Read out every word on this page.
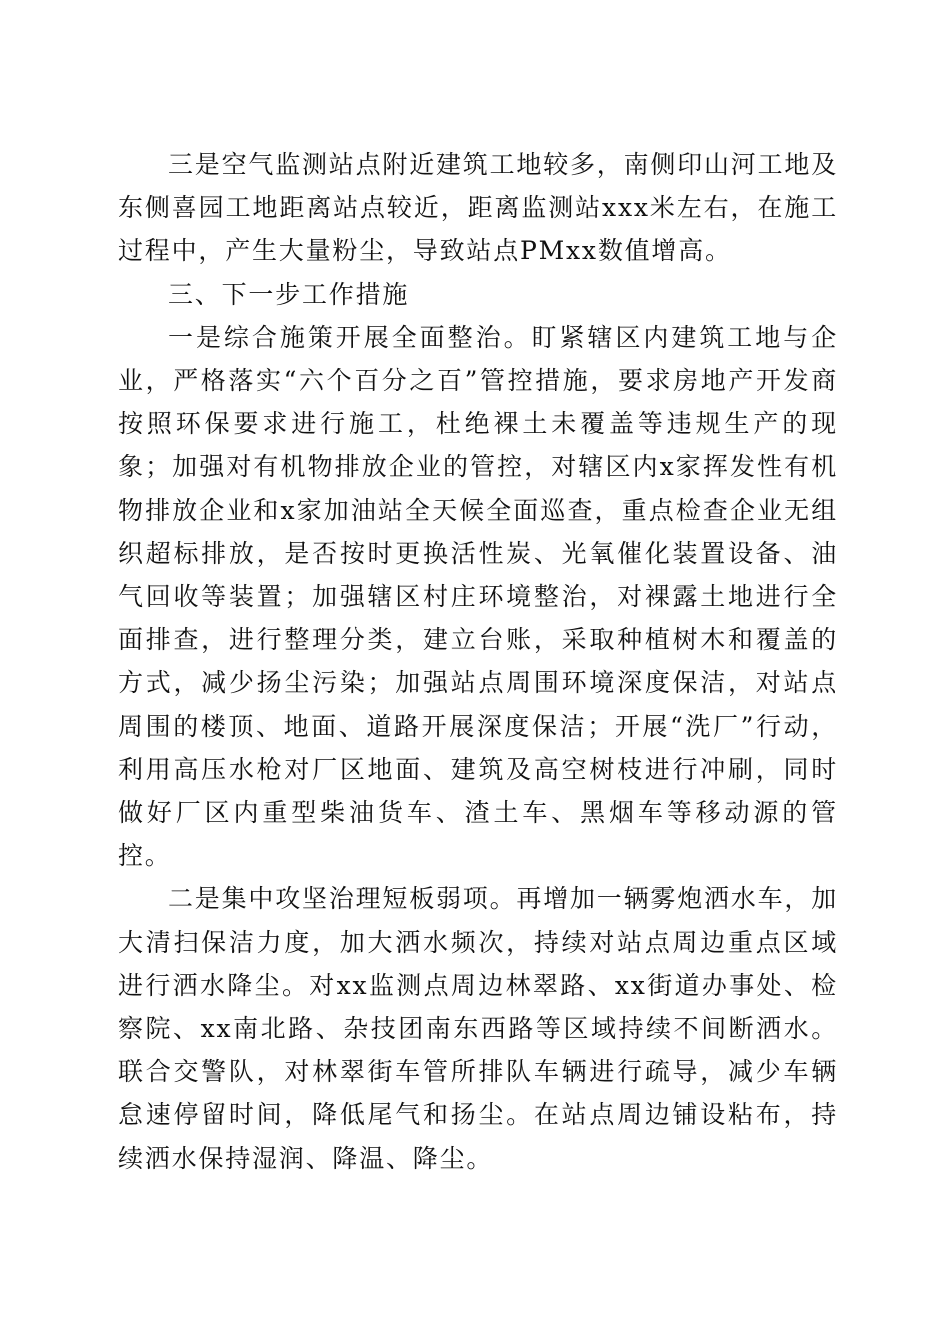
三是空气监测站点附近建筑工地较多，南侧印山河工地及东侧喜园工地距离站点较近，距离监测站xxx米左右，在施工过程中，产生大量粉尘，导致站点PMxx数值增高。

三、下一步工作措施

一是综合施策开展全面整治。盯紧辖区内建筑工地与企业，严格落实“六个百分之百”管控措施，要求房地产开发商按照环保要求进行施工，杜绝裸土未覆盖等违规生产的现象；加强对有机物排放企业的管控，对辖区内x家挥发性有机物排放企业和x家加油站全天候全面巡查，重点检查企业无组织超标排放，是否按时更换活性炭、光氧催化装置设备、油气回收等装置；加强辖区村庄环境整治，对裸露土地进行全面排查，进行整理分类，建立台账，采取种植树木和覆盖的方式，减少扬尘污染；加强站点周围环境深度保洁，对站点周围的楼顶、地面、道路开展深度保洁；开展“洗厂”行动，利用高压水枪对厂区地面、建筑及高空树枝进行冲刷，同时做好厂区内重型柴油货车、渣土车、黑烟车等移动源的管控。

二是集中攻坚治理短板弱项。再增加一辆雾炮洒水车，加大清扫保洁力度，加大洒水频次，持续对站点周边重点区域进行洒水降尘。对xx监测点周边林翠路、xx街道办事处、检察院、xx南北路、杂技团南东西路等区域持续不间断洒水。联合交警队，对林翠街车管所排队车辆进行疏导，减少车辆怠速停留时间，降低尾气和扬尘。在站点周边铺设粘布，持续洒水保持湿润、降温、降尘。
